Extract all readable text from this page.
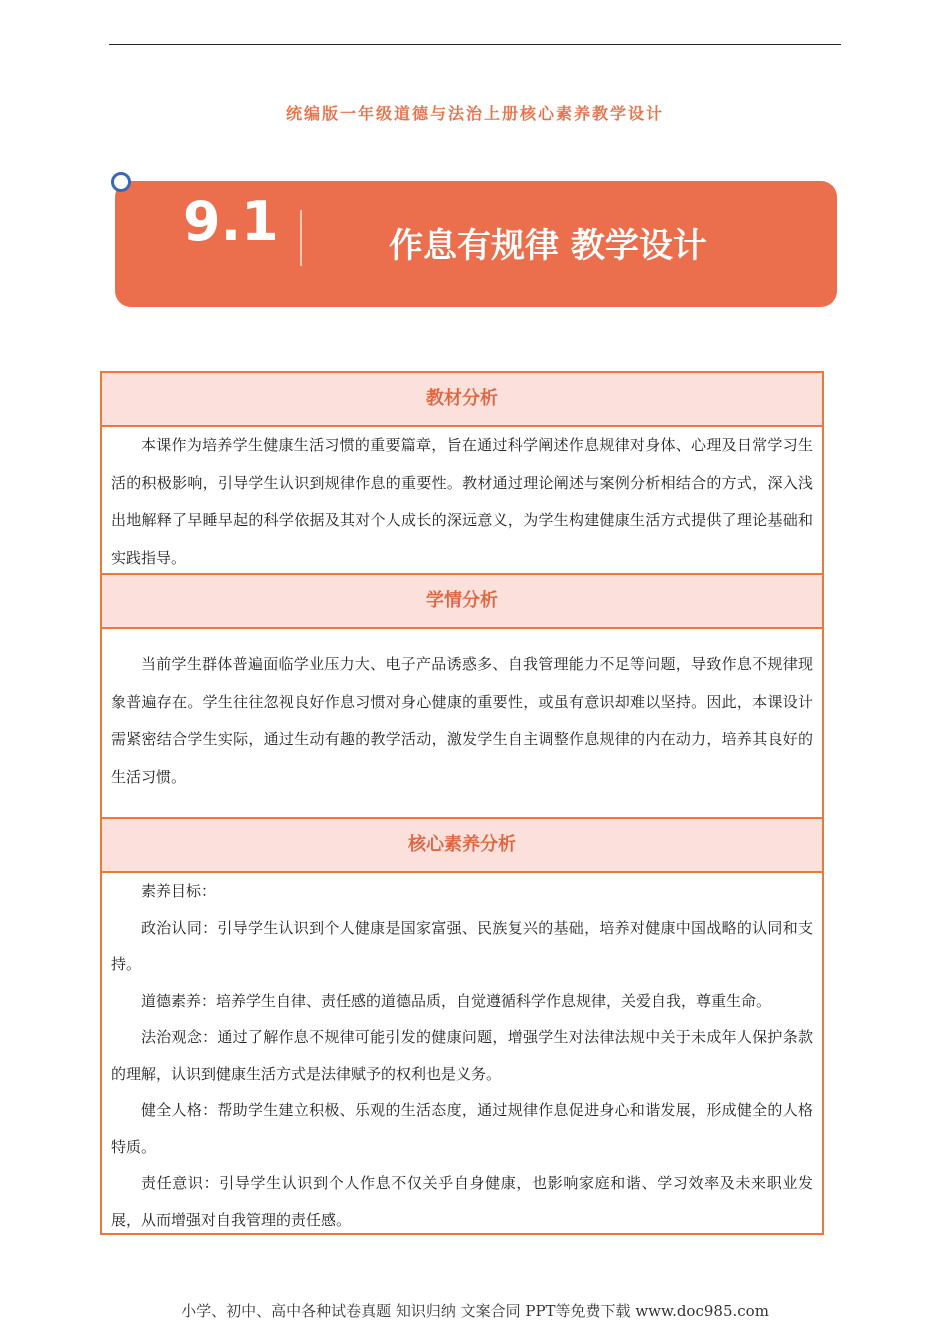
统编版一年级道德与法治上册核心素养教学设计
9.1	作息有规律 教学设计
教材分析

本课作为培养学生健康生活习惯的重要篇章，旨在通过科学阐述作息规律对身体、心理及日常学习生活的积极影响，引导学生认识到规律作息的重要性。教材通过理论阐述与案例分析相结合的方式，深入浅出地解释了早睡早起的科学依据及其对个人成长的深远意义，为学生构建健康生活方式提供了理论基础和实践指导。

学情分析

当前学生群体普遍面临学业压力大、电子产品诱惑多、自我管理能力不足等问题，导致作息不规律现象普遍存在。学生往往忽视良好作息习惯对身心健康的重要性，或虽有意识却难以坚持。因此，本课设计需紧密结合学生实际，通过生动有趣的教学活动，激发学生自主调整作息规律的内在动力，培养其良好的生活习惯。

核心素养分析

素养目标：

政治认同：引导学生认识到个人健康是国家富强、民族复兴的基础，培养对健康中国战略的认同和支持。

道德素养：培养学生自律、责任感的道德品质，自觉遵循科学作息规律，关爱自我，尊重生命。

法治观念：通过了解作息不规律可能引发的健康问题，增强学生对法律法规中关于未成年人保护条款的理解，认识到健康生活方式是法律赋予的权利也是义务。

健全人格：帮助学生建立积极、乐观的生活态度，通过规律作息促进身心和谐发展，形成健全的人格特质。

责任意识：引导学生认识到个人作息不仅关乎自身健康，也影响家庭和谐、学习效率及未来职业发展，从而增强对自我管理的责任感。

小学、初中、高中各种试卷真题 知识归纳 文案合同 PPT等免费下载 www.doc985.com
